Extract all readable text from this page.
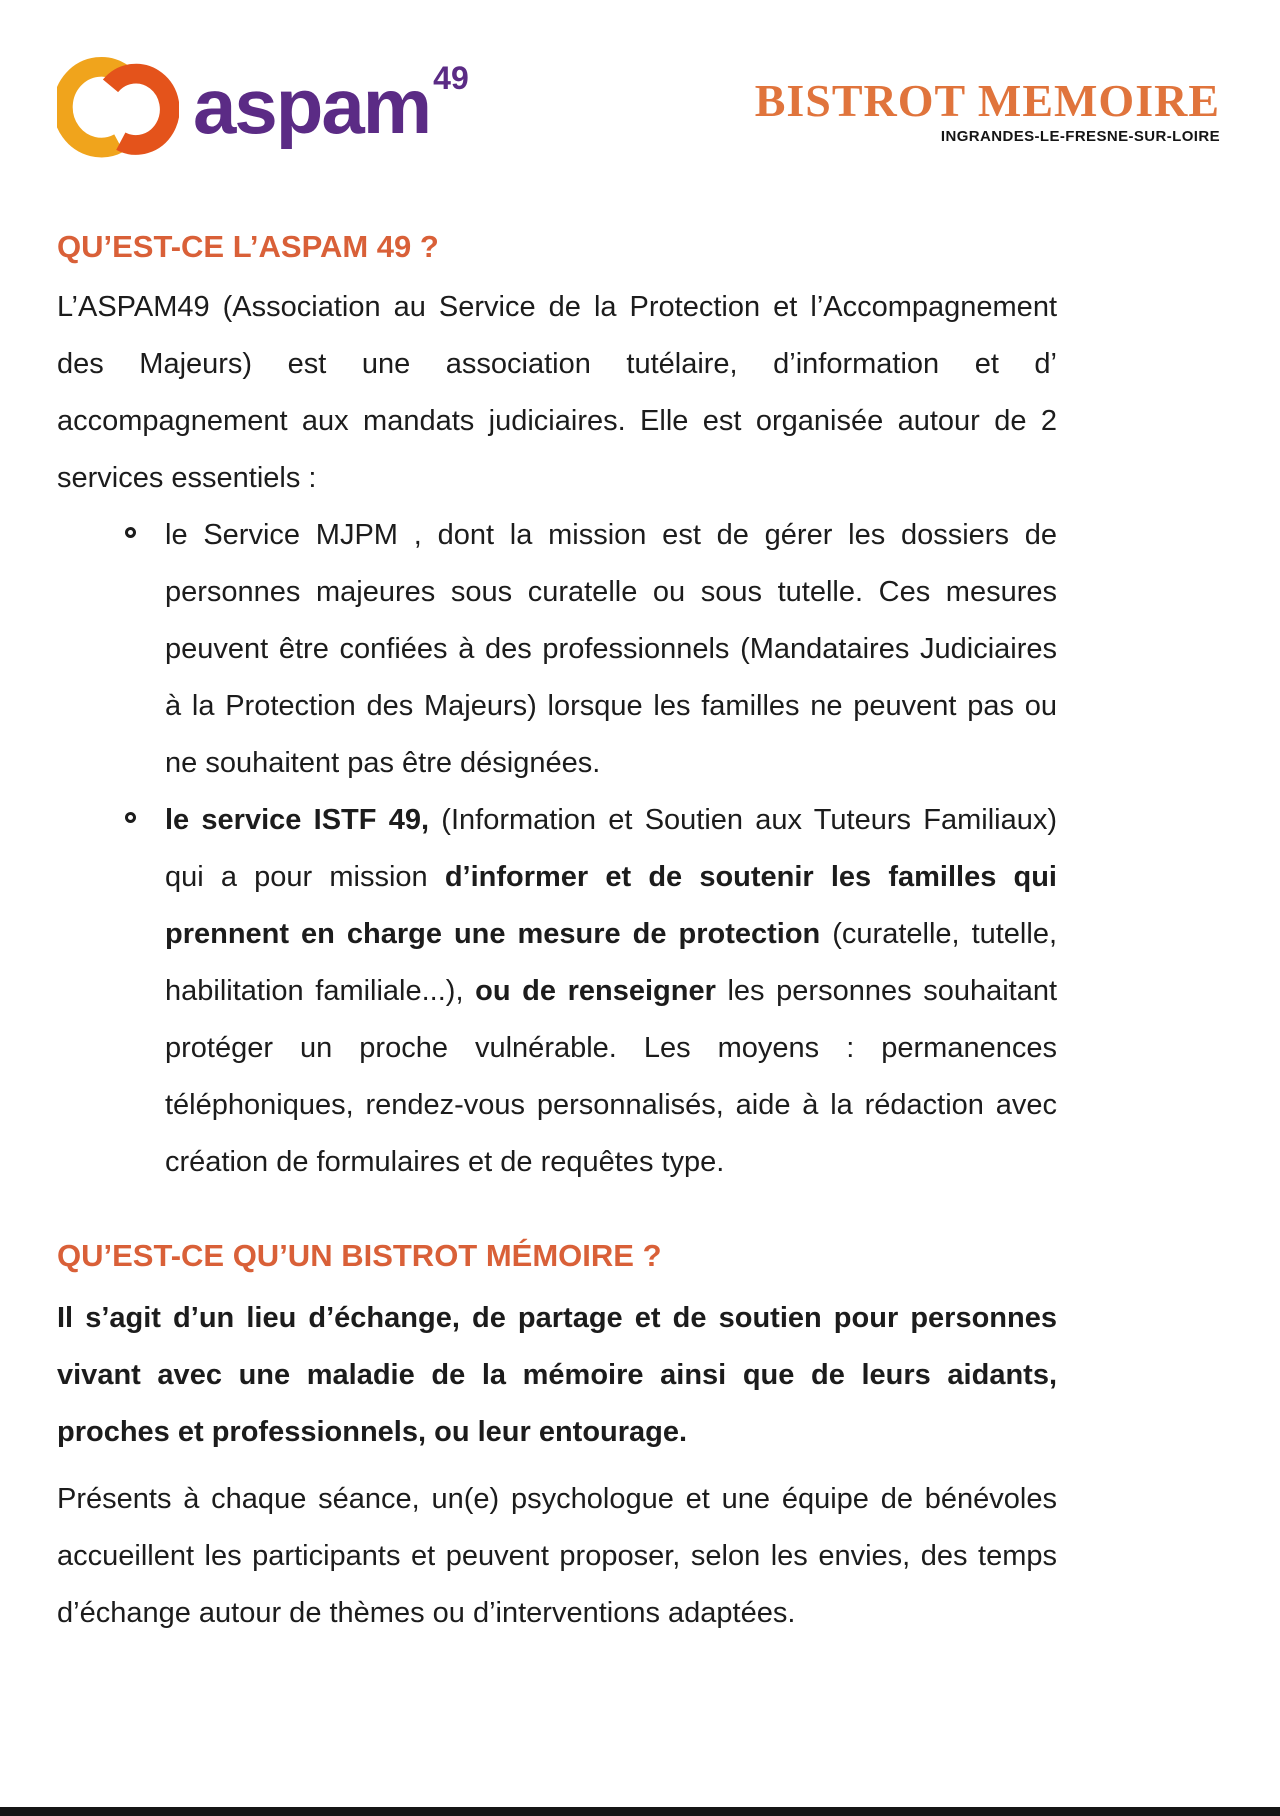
aspam 49	BISTROT MEMOIRE
INGRANDES-LE-FRESNE-SUR-LOIRE
QU’EST-CE L’ASPAM 49 ?

L’ASPAM49 (Association au Service de la Protection et l’Accompagnement des Majeurs) est une association tutélaire, d’information et d’ accompagnement aux mandats judiciaires. Elle est organisée autour de 2 services essentiels :

le Service MJPM , dont la mission est de gérer les dossiers de personnes majeures sous curatelle ou sous tutelle. Ces mesures peuvent être confiées à des professionnels (Mandataires Judiciaires à la Protection des Majeurs) lorsque les familles ne peuvent pas ou ne souhaitent pas être désignées.
le service ISTF 49, (Information et Soutien aux Tuteurs Familiaux) qui a pour mission d’informer et de soutenir les familles qui prennent en charge une mesure de protection (curatelle, tutelle, habilitation familiale...), ou de renseigner les personnes souhaitant protéger un proche vulnérable. Les moyens : permanences téléphoniques, rendez-vous personnalisés, aide à la rédaction avec création de formulaires et de requêtes type.
QU’EST-CE QU’UN BISTROT MÉMOIRE ?

Il s’agit d’un lieu d’échange, de partage et de soutien pour personnes vivant avec une maladie de la mémoire ainsi que de leurs aidants, proches et professionnels, ou leur entourage.

Présents à chaque séance, un(e) psychologue et une équipe de bénévoles accueillent les participants et peuvent proposer, selon les envies, des temps d’échange autour de thèmes ou d’interventions adaptées.
